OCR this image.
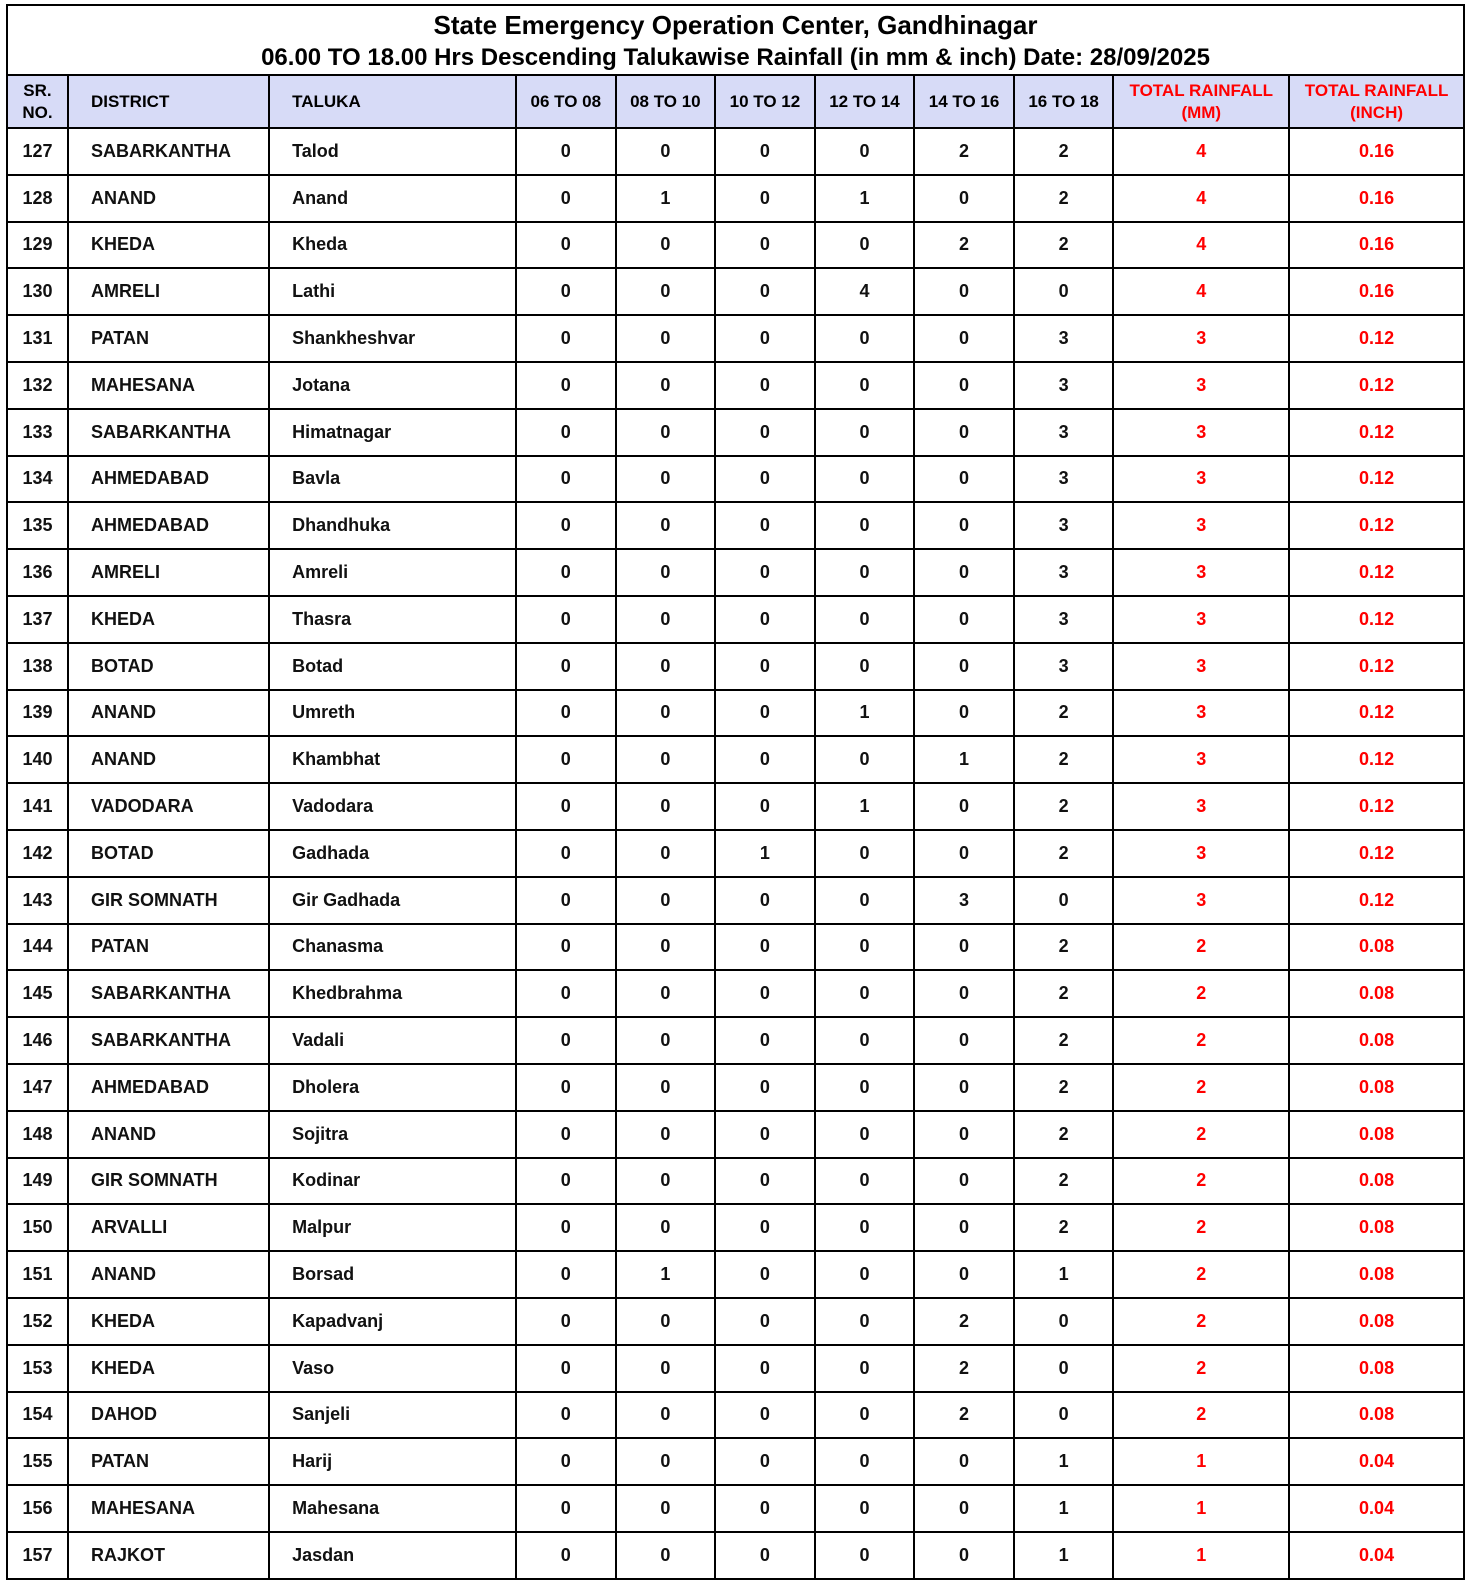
State Emergency Operation Center, Gandhinagar
06.00 TO 18.00 Hrs Descending Talukawise Rainfall (in mm & inch) Date: 28/09/2025
SR. NO.	DISTRICT	TALUKA	06 TO 08	08 TO 10	10 TO 12	12 TO 14	14 TO 16	16 TO 18	TOTAL RAINFALL (MM)	TOTAL RAINFALL (INCH)
127	SABARKANTHA	Talod	0	0	0	0	2	2	4	0.16
128	ANAND	Anand	0	1	0	1	0	2	4	0.16
129	KHEDA	Kheda	0	0	0	0	2	2	4	0.16
130	AMRELI	Lathi	0	0	0	4	0	0	4	0.16
131	PATAN	Shankheshvar	0	0	0	0	0	3	3	0.12
132	MAHESANA	Jotana	0	0	0	0	0	3	3	0.12
133	SABARKANTHA	Himatnagar	0	0	0	0	0	3	3	0.12
134	AHMEDABAD	Bavla	0	0	0	0	0	3	3	0.12
135	AHMEDABAD	Dhandhuka	0	0	0	0	0	3	3	0.12
136	AMRELI	Amreli	0	0	0	0	0	3	3	0.12
137	KHEDA	Thasra	0	0	0	0	0	3	3	0.12
138	BOTAD	Botad	0	0	0	0	0	3	3	0.12
139	ANAND	Umreth	0	0	0	1	0	2	3	0.12
140	ANAND	Khambhat	0	0	0	0	1	2	3	0.12
141	VADODARA	Vadodara	0	0	0	1	0	2	3	0.12
142	BOTAD	Gadhada	0	0	1	0	0	2	3	0.12
143	GIR SOMNATH	Gir Gadhada	0	0	0	0	3	0	3	0.12
144	PATAN	Chanasma	0	0	0	0	0	2	2	0.08
145	SABARKANTHA	Khedbrahma	0	0	0	0	0	2	2	0.08
146	SABARKANTHA	Vadali	0	0	0	0	0	2	2	0.08
147	AHMEDABAD	Dholera	0	0	0	0	0	2	2	0.08
148	ANAND	Sojitra	0	0	0	0	0	2	2	0.08
149	GIR SOMNATH	Kodinar	0	0	0	0	0	2	2	0.08
150	ARVALLI	Malpur	0	0	0	0	0	2	2	0.08
151	ANAND	Borsad	0	1	0	0	0	1	2	0.08
152	KHEDA	Kapadvanj	0	0	0	0	2	0	2	0.08
153	KHEDA	Vaso	0	0	0	0	2	0	2	0.08
154	DAHOD	Sanjeli	0	0	0	0	2	0	2	0.08
155	PATAN	Harij	0	0	0	0	0	1	1	0.04
156	MAHESANA	Mahesana	0	0	0	0	0	1	1	0.04
157	RAJKOT	Jasdan	0	0	0	0	0	1	1	0.04
